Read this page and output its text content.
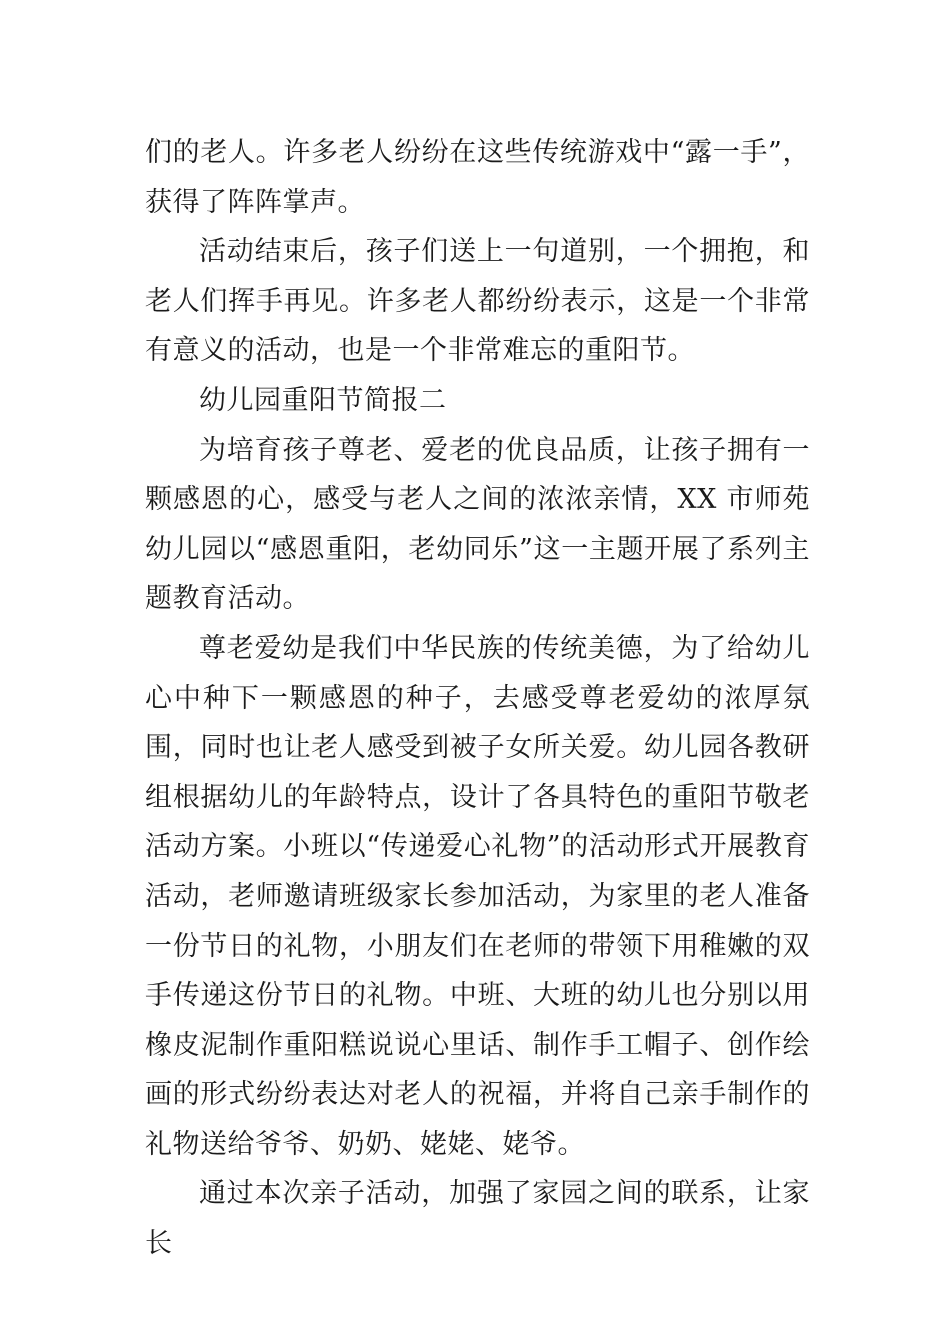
们的老人。许多老人纷纷在这些传统游戏中“露一手”，获得了阵阵掌声。

活动结束后，孩子们送上一句道别，一个拥抱，和老人们挥手再见。许多老人都纷纷表示，这是一个非常有意义的活动，也是一个非常难忘的重阳节。

幼儿园重阳节简报二

为培育孩子尊老、爱老的优良品质，让孩子拥有一颗感恩的心，感受与老人之间的浓浓亲情，XX 市师苑幼儿园以“感恩重阳，老幼同乐”这一主题开展了系列主题教育活动。

尊老爱幼是我们中华民族的传统美德，为了给幼儿心中种下一颗感恩的种子，去感受尊老爱幼的浓厚氛围，同时也让老人感受到被子女所关爱。幼儿园各教研组根据幼儿的年龄特点，设计了各具特色的重阳节敬老活动方案。小班以“传递爱心礼物”的活动形式开展教育活动，老师邀请班级家长参加活动，为家里的老人准备一份节日的礼物，小朋友们在老师的带领下用稚嫩的双手传递这份节日的礼物。中班、大班的幼儿也分别以用橡皮泥制作重阳糕说说心里话、制作手工帽子、创作绘画的形式纷纷表达对老人的祝福，并将自己亲手制作的礼物送给爷爷、奶奶、姥姥、姥爷。

通过本次亲子活动，加强了家园之间的联系，让家长
